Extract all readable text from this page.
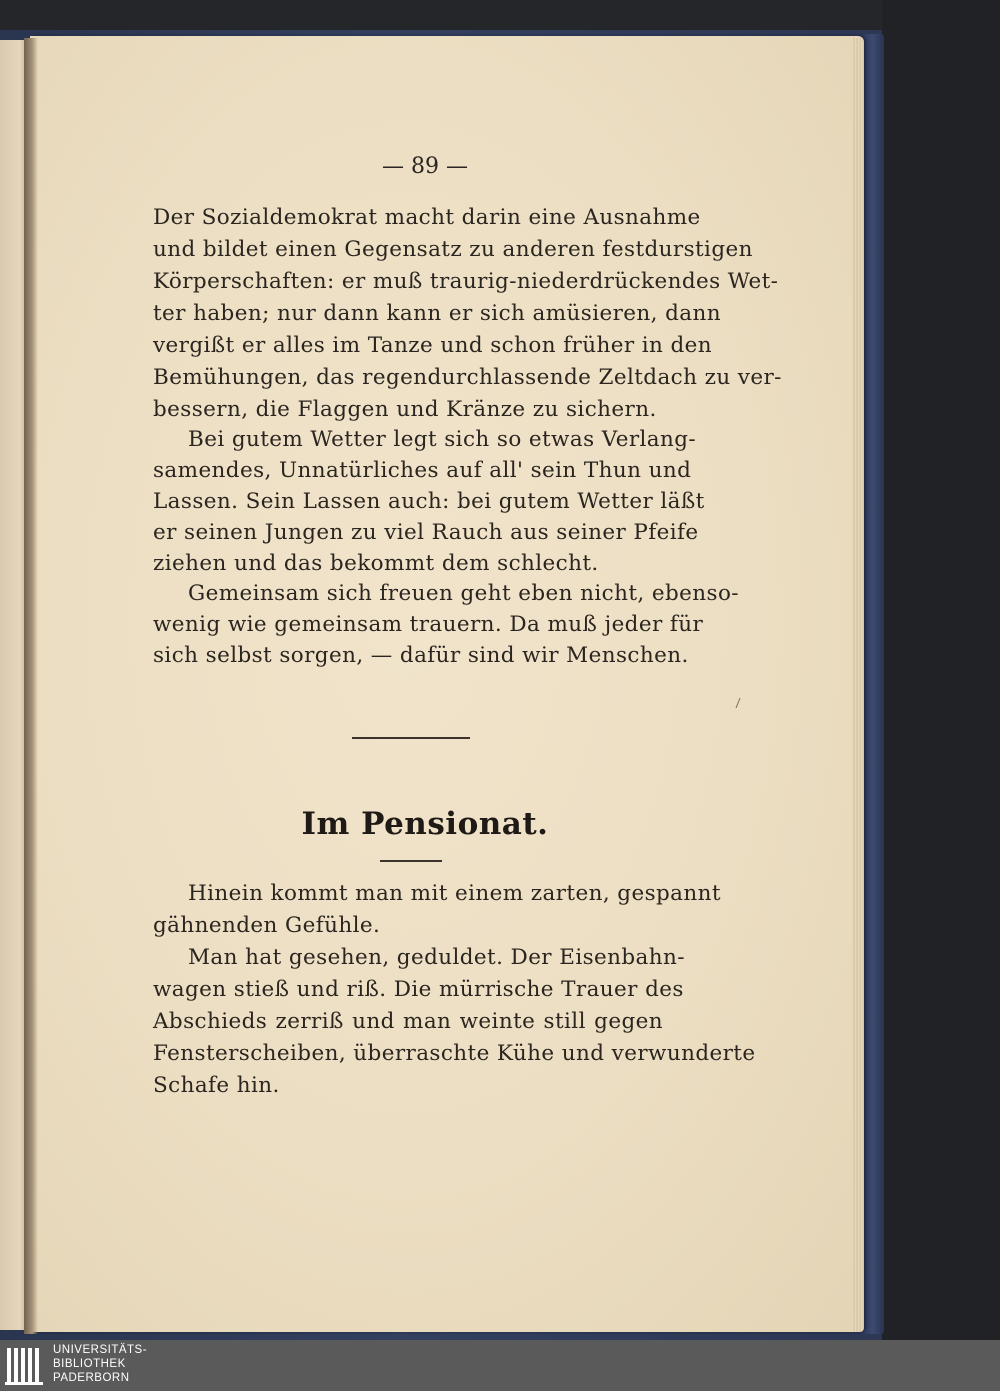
— 89 —
Der Sozialdemokrat macht darin eine Ausnahme
und bildet einen Gegensatz zu anderen festdurstigen
Körperschaften: er muß traurig-niederdrückendes Wet-
ter haben; nur dann kann er sich amüsieren, dann
vergißt er alles im Tanze und schon früher in den
Bemühungen, das regendurchlassende Zeltdach zu ver-
bessern, die Flaggen und Kränze zu sichern.
Bei gutem Wetter legt sich so etwas Verlang-
samendes, Unnatürliches auf all' sein Thun und
Lassen. Sein Lassen auch: bei gutem Wetter läßt
er seinen Jungen zu viel Rauch aus seiner Pfeife
ziehen und das bekommt dem schlecht.
Gemeinsam sich freuen geht eben nicht, ebenso-
wenig wie gemeinsam trauern. Da muß jeder für
sich selbst sorgen, — dafür sind wir Menschen.
Im Pensionat.
Hinein kommt man mit einem zarten, gespannt
gähnenden Gefühle.
Man hat gesehen, geduldet. Der Eisenbahn-
wagen stieß und riß. Die mürrische Trauer des
Abschieds zerriß und man weinte still gegen
Fensterscheiben, überraschte Kühe und verwunderte
Schafe hin.
UNIVERSITÄTS-
BIBLIOTHEK
PADERBORN
